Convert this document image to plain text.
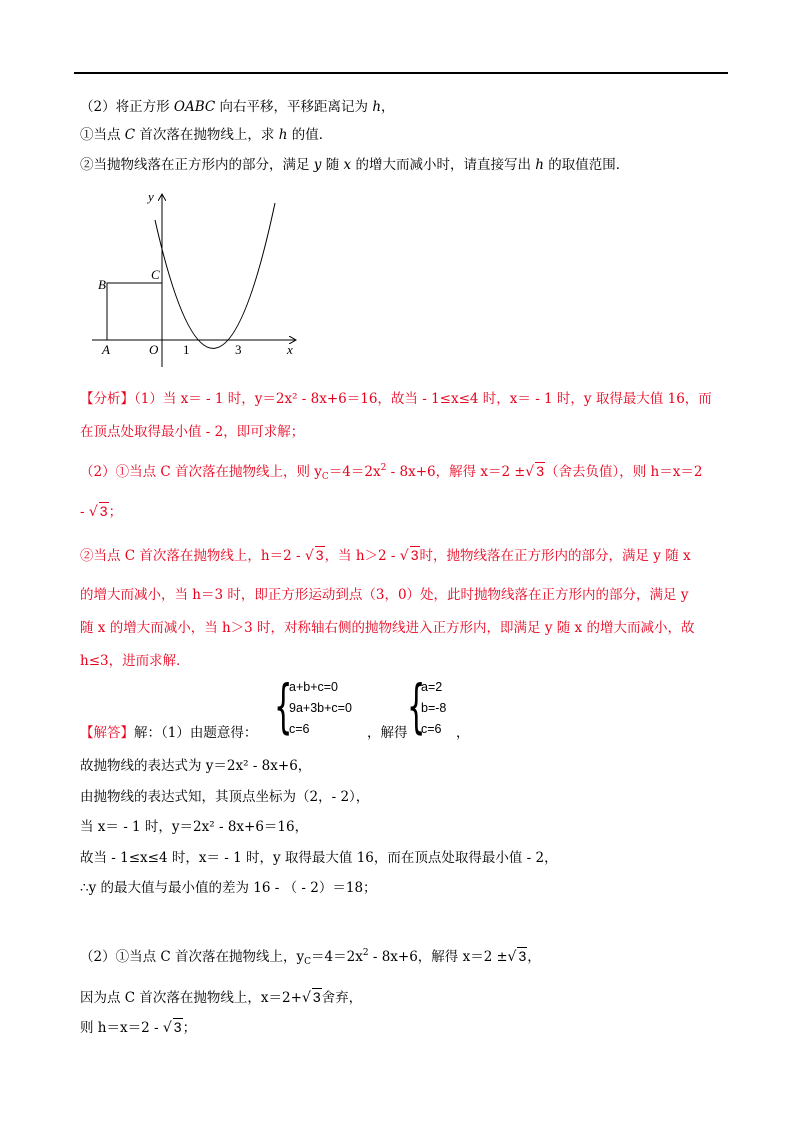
（2）将正方形 OABC 向右平移，平移距离记为 h，
①当点 C 首次落在抛物线上，求 h 的值．
②当抛物线落在正方形内的部分，满足 y 随 x 的增大而减小时，请直接写出 h 的取值范围．
y
x
B
C
A	O 1	3
【分析】（1）当 x＝ - 1 时，y＝2x² - 8x+6＝16，故当 - 1≤x≤4 时，x＝ - 1 时，y 取得最大值 16，而
在顶点处取得最小值 - 2，即可求解；
（2）①当点 C 首次落在抛物线上，则 $y_C=4=2x^2 - 8x+6$，解得 x＝2 ±√ 3（舍去负值），则 h＝x＝2
- √ 3；
②当点 C 首次落在抛物线上，h＝2 - √ 3，当 h＞2 - √ 3时，抛物线落在正方形内的部分，满足 y 随 x
的增大而减小，当 h＝3 时，即正方形运动到点（3，0）处，此时抛物线落在正方形内的部分，满足 y
随 x 的增大而减小，当 h＞3 时，对称轴右侧的抛物线进入正方形内，即满足 y 随 x 的增大而减小，故
h≤3，进而求解．
【解答】解：（1）由题意得： {
a+b+c=0
9a+3b+c=0
c=6	，解得 {
a=2
b=-8
c=6	，
故抛物线的表达式为 y＝2x² - 8x+6，
由抛物线的表达式知，其顶点坐标为（2，- 2），
当 x＝ - 1 时，y＝2x² - 8x+6＝16，
故当 - 1≤x≤4 时，x＝ - 1 时，y 取得最大值 16，而在顶点处取得最小值 - 2，
∴y 的最大值与最小值的差为 16 - （ - 2）＝18；
（2）①当点 C 首次落在抛物线上，$y_C=4=2x^2 - 8x+6$，解得 x＝2 ±√ 3，
因为点 C 首次落在抛物线上，x＝2+√ 3舍弃，
则 h＝x＝2 - √ 3；
